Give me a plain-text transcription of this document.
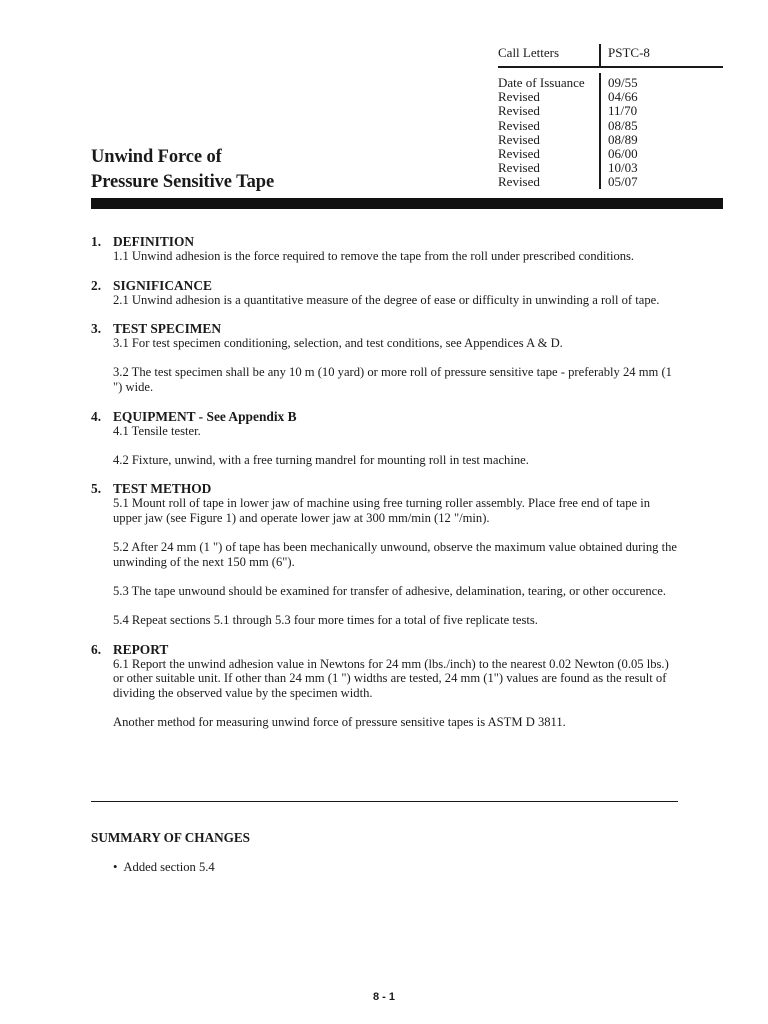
Unwind Force of
Pressure Sensitive Tape
Call Letters	PSTC-8
Date of Issuance 09/55
Revised	04/66
Revised	11/70
Revised	08/85
Revised	08/89
Revised	06/00
Revised	10/03
Revised	05/07
1. DEFINITION
1.1 Unwind adhesion is the force required to remove the tape from the roll under prescribed conditions.
2. SIGNIFICANCE
2.1 Unwind adhesion is a quantitative measure of the degree of ease or difficulty in unwinding a roll of tape.
3. TEST SPECIMEN
3.1 For test specimen conditioning, selection, and test conditions, see Appendices A & D.
3.2 The test specimen shall be any 10 m (10 yard) or more roll of pressure sensitive tape - preferably 24 mm (1 ") wide.
4. EQUIPMENT - See Appendix B
4.1 Tensile tester.
4.2 Fixture, unwind, with a free turning mandrel for mounting roll in test machine.
5. TEST METHOD
5.1 Mount roll of tape in lower jaw of machine using free turning roller assembly. Place free end of tape in upper jaw (see Figure 1) and operate lower jaw at 300 mm/min (12 "/min).
5.2 After 24 mm (1 ") of tape has been mechanically unwound, observe the maximum value obtained during the unwinding of the next 150 mm (6").
5.3 The tape unwound should be examined for transfer of adhesive, delamination, tearing, or other occurence.
5.4 Repeat sections 5.1 through 5.3 four more times for a total of five replicate tests.
6. REPORT
6.1 Report the unwind adhesion value in Newtons for 24 mm (lbs./inch) to the nearest 0.02 Newton (0.05 lbs.) or other suitable unit. If other than 24 mm (1 ") widths are tested, 24 mm (1") values are found as the result of dividing the observed value by the specimen width.
Another method for measuring unwind force of pressure sensitive tapes is ASTM D 3811.
SUMMARY OF CHANGES
• Added section 5.4
8 - 1
